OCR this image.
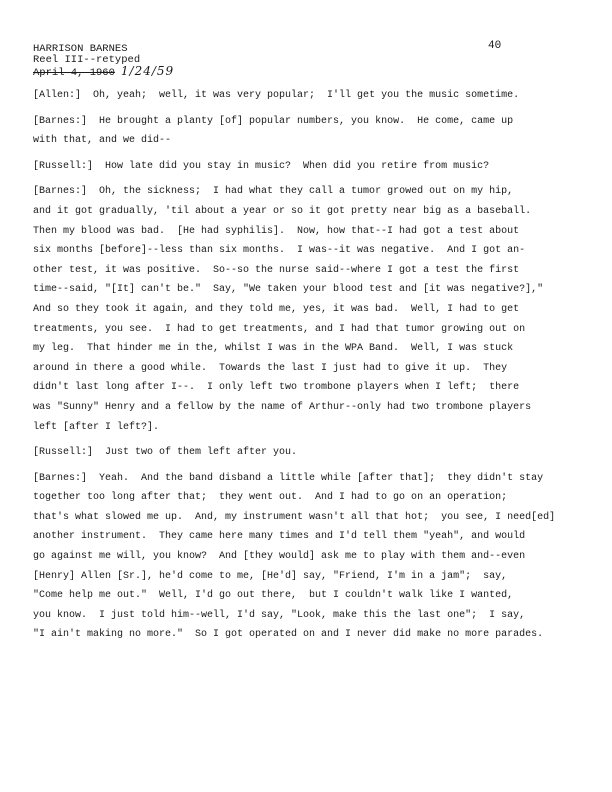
HARRISON BARNES
Reel III--retyped
April 4, 1960 1/24/59
40
[Allen:]  Oh, yeah;  well, it was very popular;  I'll get you the music sometime.
[Barnes:]  He brought a planty [of] popular numbers, you know.  He come, came up
with that, and we did--
[Russell:]  How late did you stay in music?  When did you retire from music?
[Barnes:]  Oh, the sickness;  I had what they call a tumor growed out on my hip,
and it got gradually, 'til about a year or so it got pretty near big as a baseball.
Then my blood was bad.  [He had syphilis].  Now, how that--I had got a test about
six months [before]--less than six months.  I was--it was negative.  And I got an-
other test, it was positive.  So--so the nurse said--where I got a test the first
time--said, "[It] can't be."  Say, "We taken your blood test and [it was negative?],"
And so they took it again, and they told me, yes, it was bad.  Well, I had to get
treatments, you see.  I had to get treatments, and I had that tumor growing out on
my leg.  That hinder me in the, whilst I was in the WPA Band.  Well, I was stuck
around in there a good while.  Towards the last I just had to give it up.  They
didn't last long after I--.  I only left two trombone players when I left;  there
was "Sunny" Henry and a fellow by the name of Arthur--only had two trombone players
left [after I left?].
[Russell:]  Just two of them left after you.
[Barnes:]  Yeah.  And the band disband a little while [after that];  they didn't stay
together too long after that;  they went out.  And I had to go on an operation;
that's what slowed me up.  And, my instrument wasn't all that hot;  you see, I need[ed]
another instrument.  They came here many times and I'd tell them "yeah", and would
go against me will, you know?  And [they would] ask me to play with them and--even
[Henry] Allen [Sr.], he'd come to me, [He'd] say, "Friend, I'm in a jam";  say,
"Come help me out."  Well, I'd go out there,  but I couldn't walk like I wanted,
you know.  I just told him--well, I'd say, "Look, make this the last one";  I say,
"I ain't making no more."  So I got operated on and I never did make no more parades.
